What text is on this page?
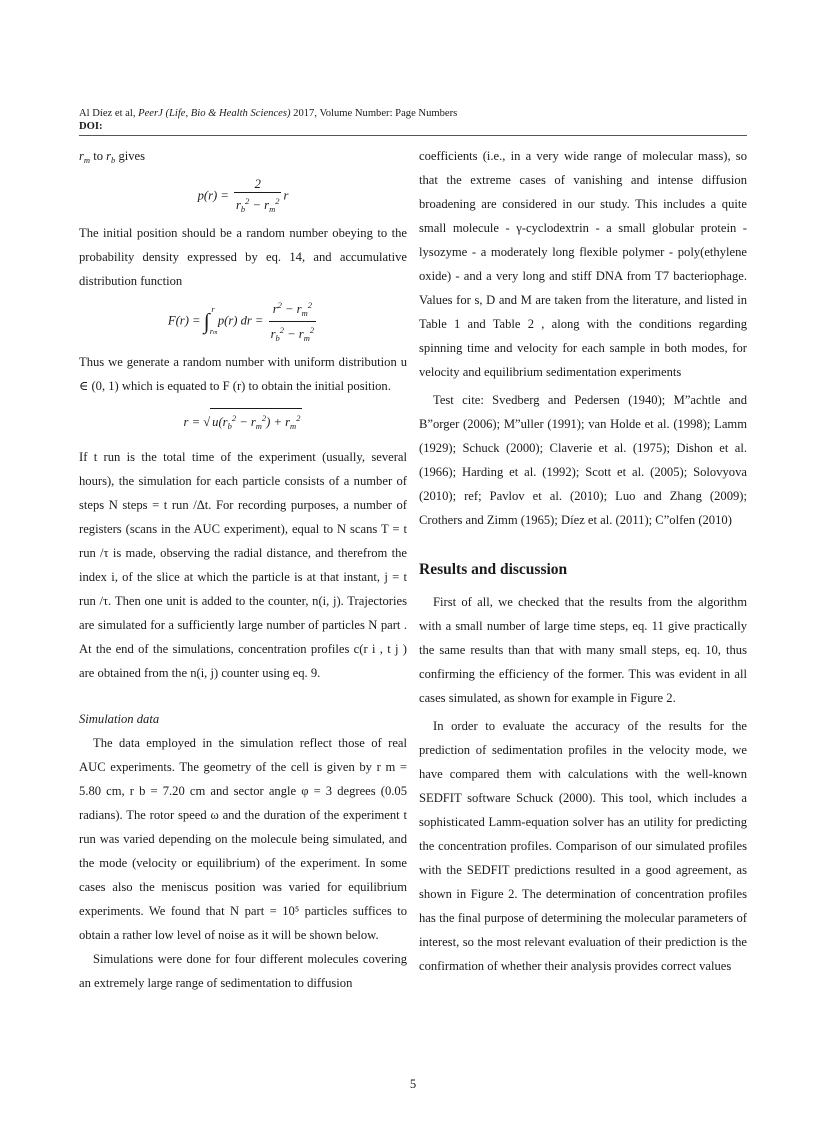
Al Díez et al, PeerJ (Life, Bio & Health Sciences) 2017, Volume Number: Page Numbers
DOI:

$r_m$ to $r_b$ gives

$p(r) = \frac{2}{r_b^2 - r_m^2}$ r

The initial position should be a random number obeying to the probability density expressed by eq. 14, and accumulative distribution function

$F(r) = \int_{rm}^r$ p(r) dr = $\frac{r^2 - r_m^2}{r_b^2 - r_m^2}$

Thus we generate a random number with uniform distribution u ∈ (0, 1) which is equated to F (r) to obtain the initial position.

r = √ $u(r_b^2 - r_m^2) + r_m^2$

If t run is the total time of the experiment (usually, several hours), the simulation for each particle consists of a number of steps N steps = t run /Δt. For recording purposes, a number of registers (scans in the AUC experiment), equal to N scans T = t run /τ is made, observing the radial distance, and therefrom the index i, of the slice at which the particle is at that instant, j = t run /τ. Then one unit is added to the counter, n(i, j). Trajectories are simulated for a sufficiently large number of particles N part . At the end of the simulations, concentration profiles c(r i , t j ) are obtained from the n(i, j) counter using eq. 9.

Simulation data

The data employed in the simulation reflect those of real AUC experiments. The geometry of the cell is given by r m = 5.80 cm, r b = 7.20 cm and sector angle φ = 3 degrees (0.05 radians). The rotor speed ω and the duration of the experiment t run was varied depending on the molecule being simulated, and the mode (velocity or equilibrium) of the experiment. In some cases also the meniscus position was varied for equilibrium experiments. We found that N part = 10⁵ particles suffices to obtain a rather low level of noise as it will be shown below.

Simulations were done for four different molecules covering an extremely large range of sedimentation to diffusion

coefficients (i.e., in a very wide range of molecular mass), so that the extreme cases of vanishing and intense diffusion broadening are considered in our study. This includes a quite small molecule - γ-cyclodextrin - a small globular protein - lysozyme - a moderately long flexible polymer - poly(ethylene oxide) - and a very long and stiff DNA from T7 bacteriophage. Values for s, D and M are taken from the literature, and listed in Table 1 and Table 2 , along with the conditions regarding spinning time and velocity for each sample in both modes, for velocity and equilibrium sedimentation experiments

Test cite: Svedberg and Pedersen (1940); M”achtle and B”orger (2006); M”uller (1991); van Holde et al. (1998); Lamm (1929); Schuck (2000); Claverie et al. (1975); Dishon et al. (1966); Harding et al. (1992); Scott et al. (2005); Solovyova (2010); ref; Pavlov et al. (2010); Luo and Zhang (2009); Crothers and Zimm (1965); Díez et al. (2011); C”olfen (2010)

Results and discussion

First of all, we checked that the results from the algorithm with a small number of large time steps, eq. 11 give practically the same results than that with many small steps, eq. 10, thus confirming the efficiency of the former. This was evident in all cases simulated, as shown for example in Figure 2.

In order to evaluate the accuracy of the results for the prediction of sedimentation profiles in the velocity mode, we have compared them with calculations with the well-known SEDFIT software Schuck (2000). This tool, which includes a sophisticated Lamm-equation solver has an utility for predicting the concentration profiles. Comparison of our simulated profiles with the SEDFIT predictions resulted in a good agreement, as shown in Figure 2. The determination of concentration profiles has the final purpose of determining the molecular parameters of interest, so the most relevant evaluation of their prediction is the confirmation of whether their analysis provides correct values

5
